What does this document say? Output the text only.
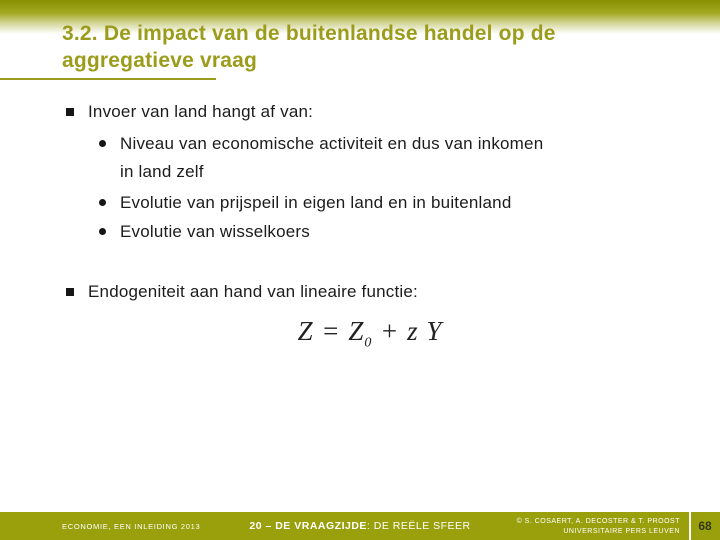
3.2. De impact van de buitenlandse handel op de aggregatieve vraag
Invoer van land hangt af van:
Niveau van economische activiteit en dus van inkomen
in land zelf
Evolutie van prijspeil in eigen land en in buitenland
Evolutie van wisselkoers
Endogeniteit aan hand van lineaire functie:
$Z = Z_0 + z$ Y
ECONOMIE, EEN INLEIDING 2013	20 – DE VRAAGZIJDE: DE REËLE SFEER	© S. COSAERT, A. DECOSTER & T. PROOST
UNIVERSITAIRE PERS LEUVEN	68
